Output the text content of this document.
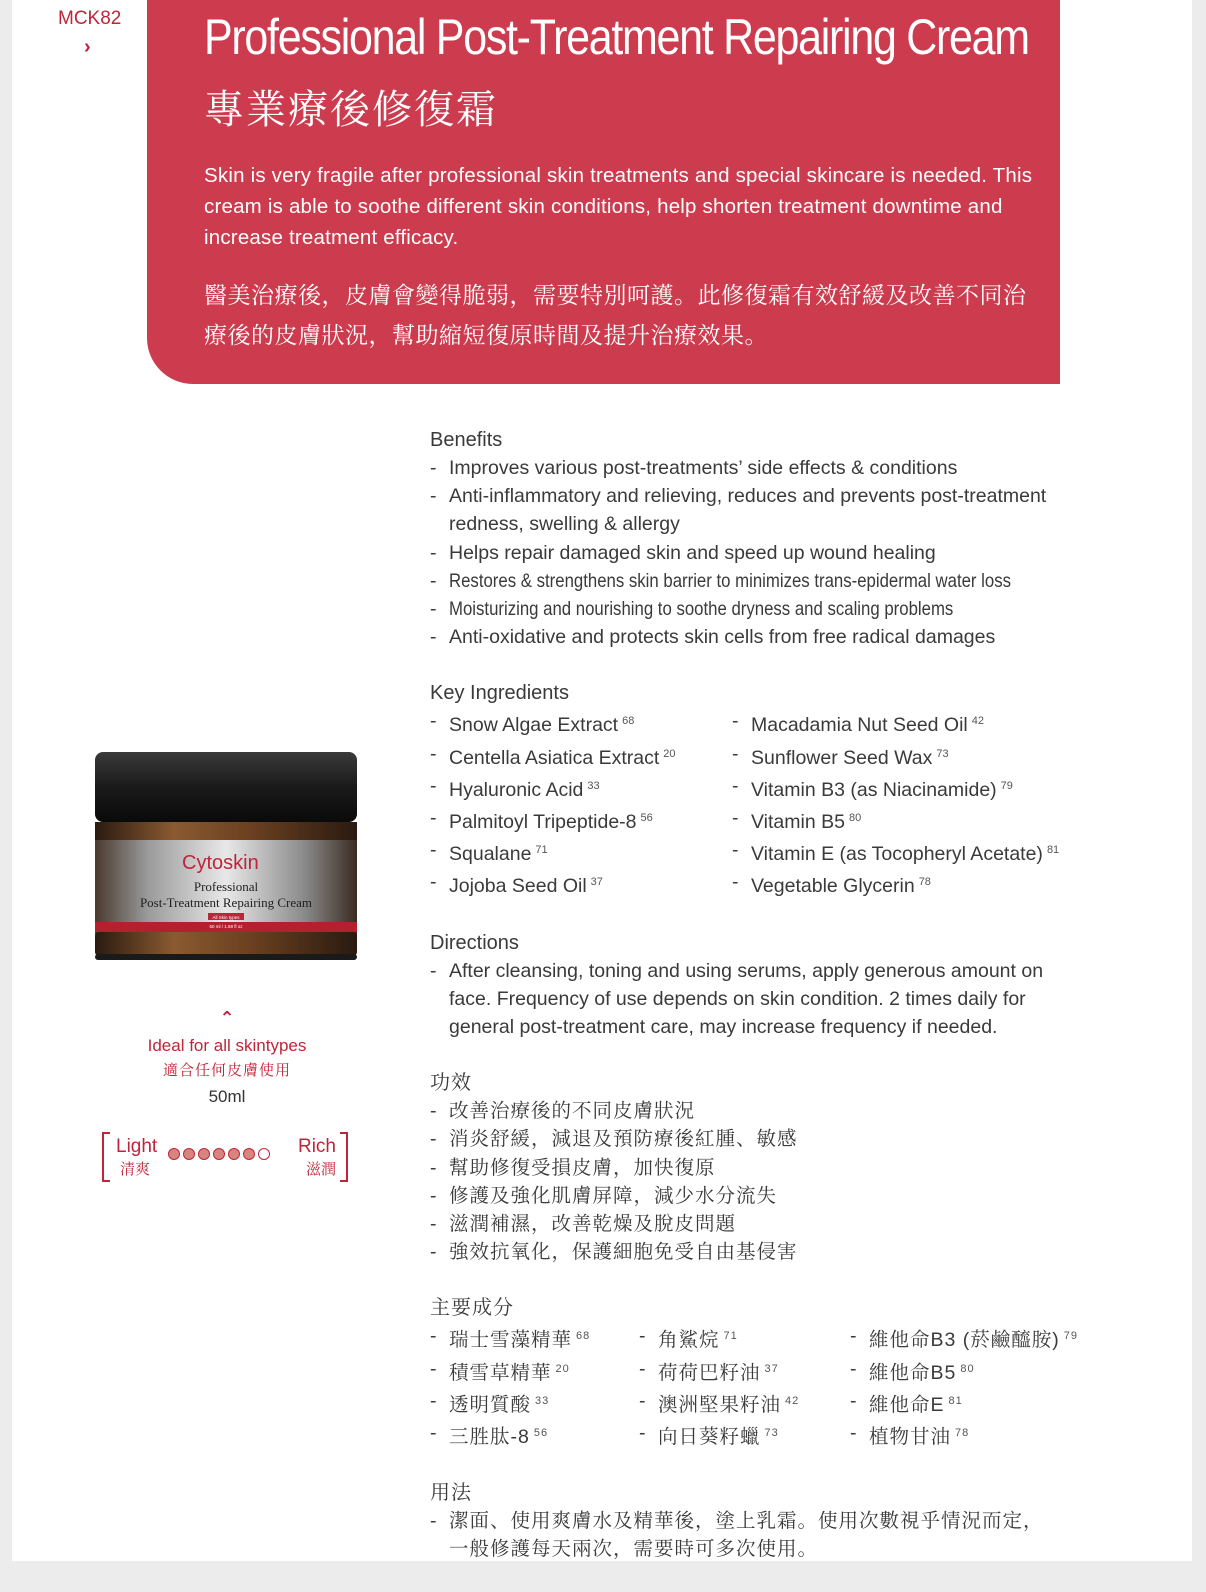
MCK82
› Professional Post-Treatment Repairing Cream
專業療後修復霜
Skin is very fragile after professional skin treatments and special skincare is needed. This cream is able to soothe different skin conditions, help shorten treatment downtime and increase treatment efficacy.
醫美治療後，皮膚會變得脆弱，需要特別呵護。此修復霜有效舒緩及改善不同治療後的皮膚狀況，幫助縮短復原時間及提升治療效果。
Cytoskin
Professional
Post-Treatment Repairing Cream
All Skin types
50 ml / 1.69 fl oz
⌃
Ideal for all skintypes
適合任何皮膚使用
50ml
Light
清爽
Rich
滋潤
Benefits
- Improves various post-treatments’ side effects & conditions
- Anti-inflammatory and relieving, reduces and prevents post-treatment redness, swelling & allergy
- Helps repair damaged skin and speed up wound healing
- Restores & strengthens skin barrier to minimizes trans-epidermal water loss
- Moisturizing and nourishing to soothe dryness and scaling problems
- Anti-oxidative and protects skin cells from free radical damages
Key Ingredients
- Snow Algae Extract $^{68}$
- Centella Asiatica Extract $^{20}$
- Hyaluronic Acid $^{33}$
- Palmitoyl Tripeptide-8 $^{56}$
- Squalane $^{71}$
- Jojoba Seed Oil $^{37}$
- Macadamia Nut Seed Oil $^{42}$
- Sunflower Seed Wax $^{73}$
- Vitamin B3 (as Niacinamide) $^{79}$
- Vitamin B5 $^{80}$
- Vitamin E (as Tocopheryl Acetate) $^{81}$
- Vegetable Glycerin $^{78}$
Directions
- After cleansing, toning and using serums, apply generous amount on face. Frequency of use depends on skin condition. 2 times daily for general post-treatment care, may increase frequency if needed.
功效
- 改善治療後的不同皮膚狀況
- 消炎舒緩，減退及預防療後紅腫、敏感
- 幫助修復受損皮膚，加快復原
- 修護及強化肌膚屏障，減少水分流失
- 滋潤補濕，改善乾燥及脫皮問題
- 強效抗氧化，保護細胞免受自由基侵害
主要成分
- 瑞士雪藻精華 $^{68}$
- 積雪草精華 $^{20}$
- 透明質酸 $^{33}$
- 三胜肽-8 $^{56}$
- 角鯊烷 $^{71}$
- 荷荷巴籽油 $^{37}$
- 澳洲堅果籽油 $^{42}$
- 向日葵籽蠟 $^{73}$
- 維他命B3 (菸鹼醯胺) $^{79}$
- 維他命B5 $^{80}$
- 維他命E $^{81}$
- 植物甘油 $^{78}$
用法
- 潔面、使用爽膚水及精華後，塗上乳霜。使用次數視乎情況而定，一般修護每天兩次，需要時可多次使用。
